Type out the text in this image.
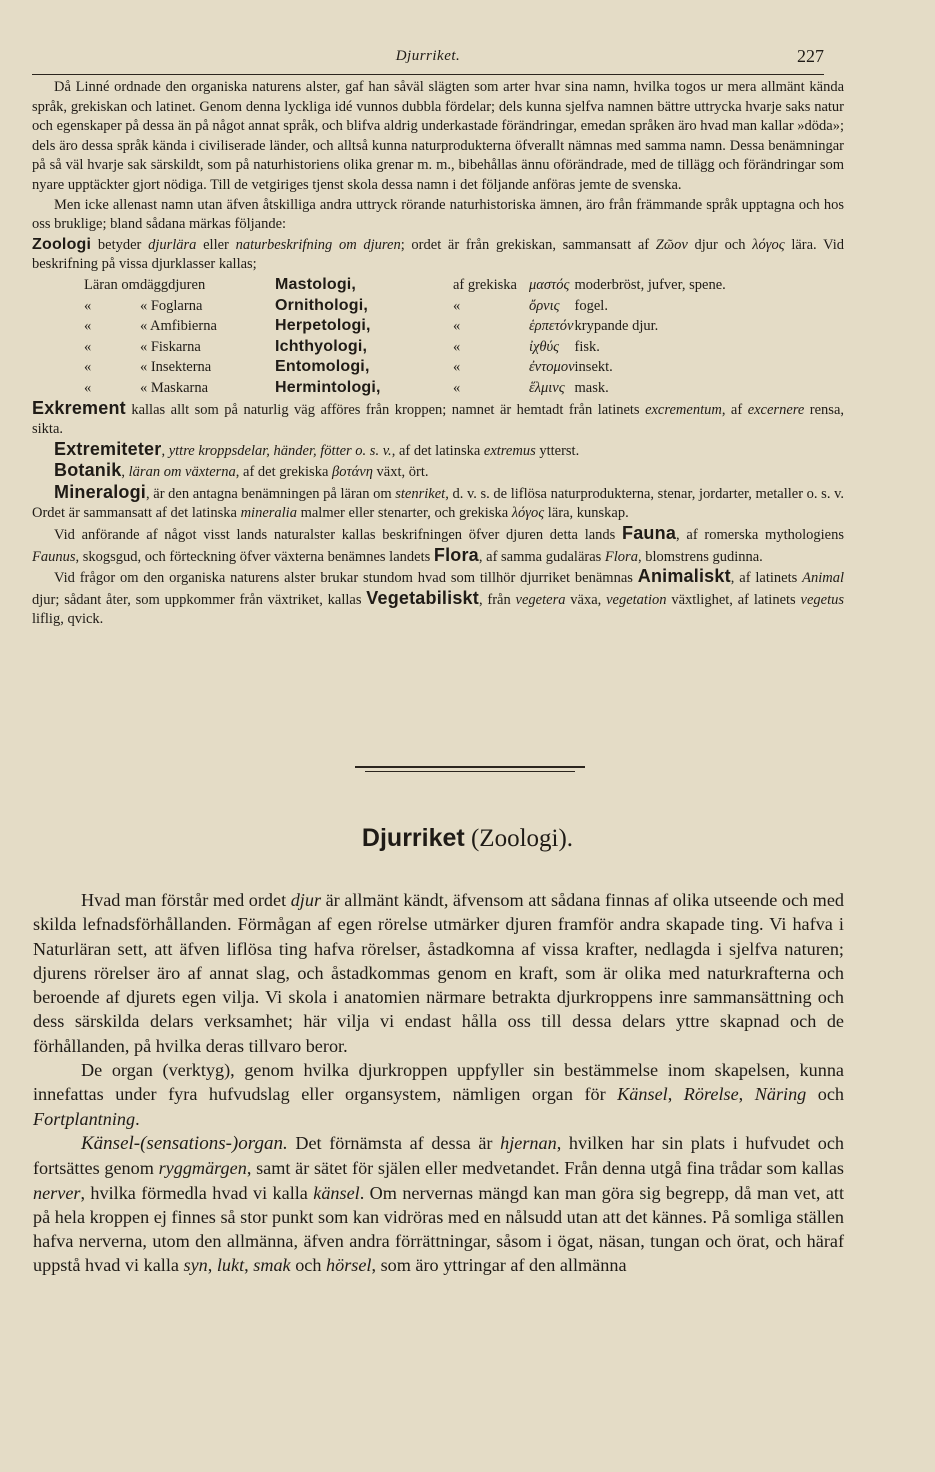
Djurriket.	227

Då Linné ordnade den organiska naturens alster, gaf han såväl slägten som arter hvar sina namn, hvilka togos ur mera allmänt kända språk, grekiskan och latinet. Genom denna lyckliga idé vunnos dubbla fördelar; dels kunna sjelfva namnen bättre uttrycka hvarje saks natur och egenskaper på dessa än på något annat språk, och blifva aldrig underkastade förändringar, emedan språken äro hvad man kallar »döda»; dels äro dessa språk kända i civiliserade länder, och alltså kunna naturprodukterna öfverallt nämnas med samma namn. Dessa benämningar på så väl hvarje sak särskildt, som på naturhistoriens olika grenar m. m., bibehållas ännu oförändrade, med de tillägg och förändringar som nyare upptäckter gjort nödiga. Till de vetgiriges tjenst skola dessa namn i det följande anföras jemte de svenska.

Men icke allenast namn utan äfven åtskilliga andra uttryck rörande naturhistoriska ämnen, äro från främmande språk upptagna och hos oss bruklige; bland sådana märkas följande:

Zoologi betyder djurlära eller naturbeskrifning om djuren; ordet är från grekiskan, sammansatt af Ζῶον djur och λόγος lära. Vid beskrifning på vissa djurklasser kallas;

Läran om	däggdjuren	Mastologi,	af grekiska	μαστός	moderbröst, jufver, spene.
«	« Foglarna	Ornithologi,	«	ὄρνις	fogel.
«	« Amfibierna	Herpetologi,	«	ἑρπετόν	krypande djur.
«	« Fiskarna	Ichthyologi,	«	ἰχθύς	fisk.
«	« Insekterna	Entomologi,	«	ἐντομον	insekt.
«	« Maskarna	Hermintologi,	«	ἕλμινς	mask.

Exkrement kallas allt som på naturlig väg afföres från kroppen; namnet är hemtadt från latinets excrementum, af excernere rensa, sikta.

Extremiteter, yttre kroppsdelar, händer, fötter o. s. v., af det latinska extremus ytterst.

Botanik, läran om växterna, af det grekiska βοτάνη växt, ört.

Mineralogi, är den antagna benämningen på läran om stenriket, d. v. s. de liflösa naturprodukterna, stenar, jordarter, metaller o. s. v. Ordet är sammansatt af det latinska mineralia malmer eller stenarter, och grekiska λόγος lära, kunskap.

Vid anförande af något visst lands naturalster kallas beskrifningen öfver djuren detta lands Fauna, af romerska mythologiens Faunus, skogsgud, och förteckning öfver växterna benämnes landets Flora, af samma gudaläras Flora, blomstrens gudinna.

Vid frågor om den organiska naturens alster brukar stundom hvad som tillhör djurriket benämnas Animaliskt, af latinets Animal djur; sådant åter, som uppkommer från växtriket, kallas Vegetabiliskt, från vegetera växa, vegetation växtlighet, af latinets vegetus liflig, qvick.

Djurriket (Zoologi).

Hvad man förstår med ordet djur är allmänt kändt, äfvensom att sådana finnas af olika utseende och med skilda lefnadsförhållanden. Förmågan af egen rörelse utmärker djuren framför andra skapade ting. Vi hafva i Naturläran sett, att äfven liflösa ting hafva rörelser, åstadkomna af vissa krafter, nedlagda i sjelfva naturen; djurens rörelser äro af annat slag, och åstadkommas genom en kraft, som är olika med naturkrafterna och beroende af djurets egen vilja. Vi skola i anatomien närmare betrakta djurkroppens inre sammansättning och dess särskilda delars verksamhet; här vilja vi endast hålla oss till dessa delars yttre skapnad och de förhållanden, på hvilka deras tillvaro beror.

De organ (verktyg), genom hvilka djurkroppen uppfyller sin bestämmelse inom skapelsen, kunna innefattas under fyra hufvudslag eller organsystem, nämligen organ för Känsel, Rörelse, Näring och Fortplantning.

Känsel-(sensations-)organ. Det förnämsta af dessa är hjernan, hvilken har sin plats i hufvudet och fortsättes genom ryggmärgen, samt är sätet för själen eller medvetandet. Från denna utgå fina trådar som kallas nerver, hvilka förmedla hvad vi kalla känsel. Om nervernas mängd kan man göra sig begrepp, då man vet, att på hela kroppen ej finnes så stor punkt som kan vidröras med en nålsudd utan att det kännes. På somliga ställen hafva nerverna, utom den allmänna, äfven andra förrättningar, såsom i ögat, näsan, tungan och örat, och häraf uppstå hvad vi kalla syn, lukt, smak och hörsel, som äro yttringar af den allmänna
